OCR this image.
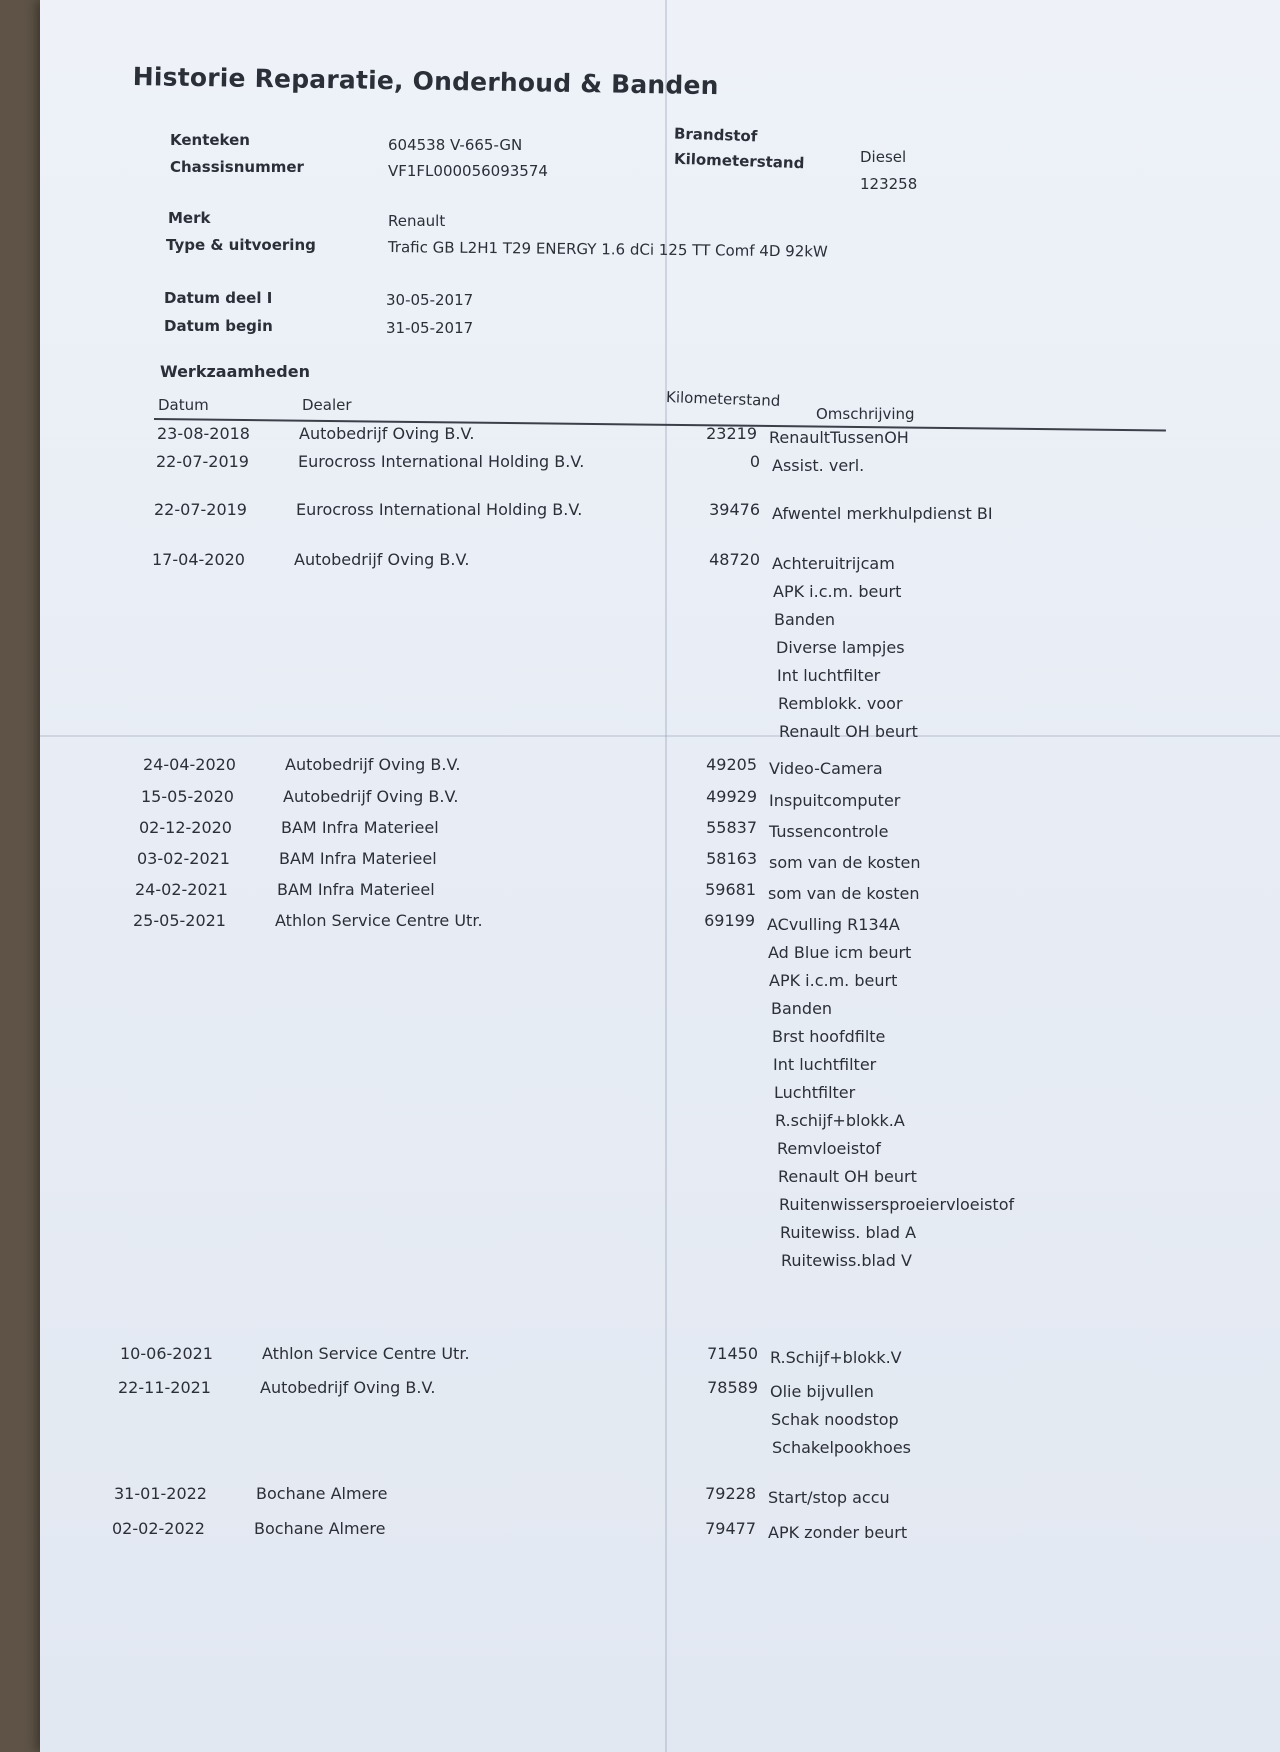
Historie Reparatie, Onderhoud & Banden
Kenteken	604538 V-665-GN
Chassisnummer	VF1FL000056093574
Brandstof
Diesel
Kilometerstand
123258
Merk	Renault
Type & uitvoering	Trafic GB L2H1 T29 ENERGY 1.6 dCi 125 TT Comf 4D 92kW
Datum deel I	30-05-2017
Datum begin	31-05-2017
Werkzaamheden
Datum	Dealer	Kilometerstand
Omschrijving
23-08-2018	Autobedrijf Oving B.V.	23219 RenaultTussenOH
22-07-2019	Eurocross International Holding B.V.	0 Assist. verl.
22-07-2019	Eurocross International Holding B.V.	39476 Afwentel merkhulpdienst BI
17-04-2020	Autobedrijf Oving B.V.	48720 Achteruitrijcam
APK i.c.m. beurt
Banden
Diverse lampjes
Int luchtfilter
Remblokk. voor
Renault OH beurt
24-04-2020	Autobedrijf Oving B.V.	49205 Video-Camera
15-05-2020	Autobedrijf Oving B.V.	49929 Inspuitcomputer
02-12-2020	BAM Infra Materieel	55837 Tussencontrole
03-02-2021	BAM Infra Materieel	58163 som van de kosten
24-02-2021	BAM Infra Materieel	59681 som van de kosten
25-05-2021	Athlon Service Centre Utr.	69199 ACvulling R134A
Ad Blue icm beurt
APK i.c.m. beurt
Banden
Brst hoofdfilte
Int luchtfilter
Luchtfilter
R.schijf+blokk.A
Remvloeistof
Renault OH beurt
Ruitenwissersproeiervloeistof
Ruitewiss. blad A
Ruitewiss.blad V
10-06-2021	Athlon Service Centre Utr.	71450 R.Schijf+blokk.V
22-11-2021	Autobedrijf Oving B.V.	78589 Olie bijvullen
Schak noodstop
Schakelpookhoes
31-01-2022	Bochane Almere	79228 Start/stop accu
02-02-2022	Bochane Almere	79477 APK zonder beurt
